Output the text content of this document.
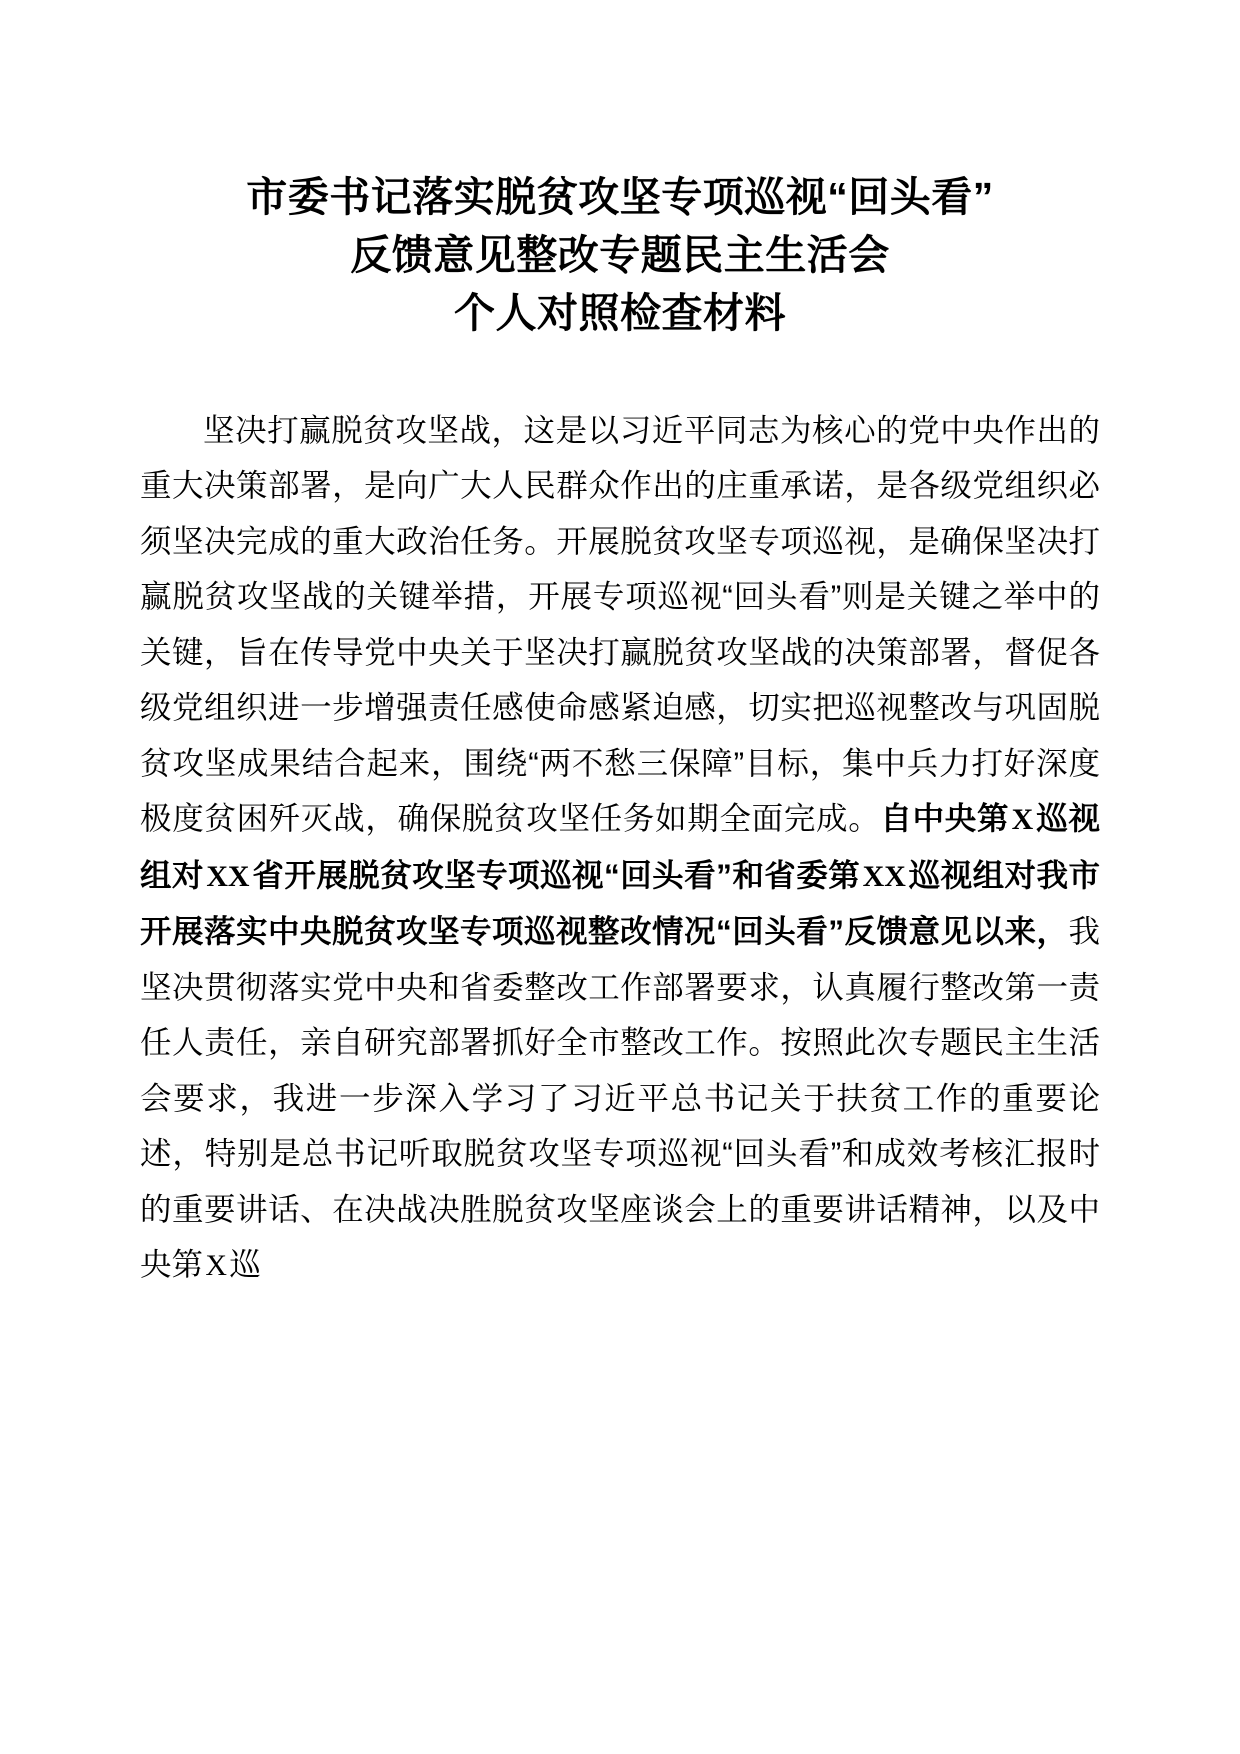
市委书记落实脱贫攻坚专项巡视“回头看”
反馈意见整改专题民主生活会
个人对照检查材料

坚决打赢脱贫攻坚战，这是以习近平同志为核心的党中央作出的重大决策部署，是向广大人民群众作出的庄重承诺，是各级党组织必须坚决完成的重大政治任务。开展脱贫攻坚专项巡视，是确保坚决打赢脱贫攻坚战的关键举措，开展专项巡视“回头看”则是关键之举中的关键，旨在传导党中央关于坚决打赢脱贫攻坚战的决策部署，督促各级党组织进一步增强责任感使命感紧迫感，切实把巡视整改与巩固脱贫攻坚成果结合起来，围绕“两不愁三保障”目标，集中兵力打好深度极度贫困歼灭战，确保脱贫攻坚任务如期全面完成。自中央第X巡视组对XX省开展脱贫攻坚专项巡视“回头看”和省委第XX巡视组对我市开展落实中央脱贫攻坚专项巡视整改情况“回头看”反馈意见以来，我坚决贯彻落实党中央和省委整改工作部署要求，认真履行整改第一责任人责任，亲自研究部署抓好全市整改工作。按照此次专题民主生活会要求，我进一步深入学习了习近平总书记关于扶贫工作的重要论述，特别是总书记听取脱贫攻坚专项巡视“回头看”和成效考核汇报时的重要讲话、在决战决胜脱贫攻坚座谈会上的重要讲话精神，以及中央第X巡
